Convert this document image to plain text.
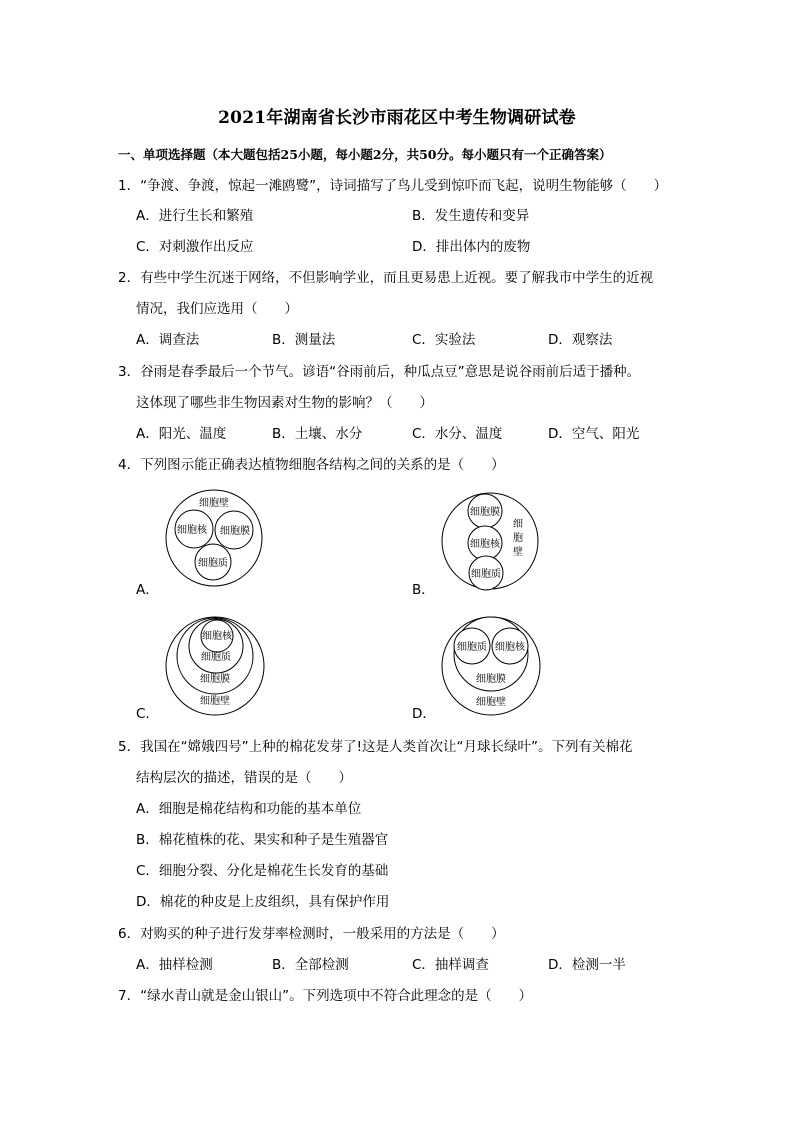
2021年湖南省长沙市雨花区中考生物调研试卷
一、单项选择题（本大题包括25小题，每小题2分，共50分。每小题只有一个正确答案）
1．“争渡、争渡，惊起一滩鸥鹭”，诗词描写了鸟儿受到惊吓而飞起，说明生物能够（　　）
A．进行生长和繁殖	B．发生遗传和变异
C．对刺激作出反应	D．排出体内的废物
2．有些中学生沉迷于网络，不但影响学业，而且更易患上近视。要了解我市中学生的近视
情况，我们应选用（　　）
A．调查法	B．测量法	C．实验法	D．观察法
3．谷雨是春季最后一个节气。谚语“谷雨前后，种瓜点豆”意思是说谷雨前后适于播种。
这体现了哪些非生物因素对生物的影响？（　　）
A．阳光、温度	B．土壤、水分	C．水分、温度	D．空气、阳光
4．下列图示能正确表达植物细胞各结构之间的关系的是（　　）
细胞壁
细胞核 细胞膜
细胞质
A．
细胞膜
细胞核
细胞质
细
胞
壁
B．
细胞核
细胞质
细胞膜
细胞壁
C．
细胞质 细胞核
细胞膜
细胞壁
D．
5．我国在“嫦娥四号”上种的棉花发芽了!这是人类首次让“月球长绿叶”。下列有关棉花
结构层次的描述，错误的是（　　）
A．细胞是棉花结构和功能的基本单位
B．棉花植株的花、果实和种子是生殖器官
C．细胞分裂、分化是棉花生长发育的基础
D．棉花的种皮是上皮组织，具有保护作用
6．对购买的种子进行发芽率检测时，一般采用的方法是（　　）
A．抽样检测	B．全部检测	C．抽样调查	D．检测一半
7．“绿水青山就是金山银山”。下列选项中不符合此理念的是（　　）
